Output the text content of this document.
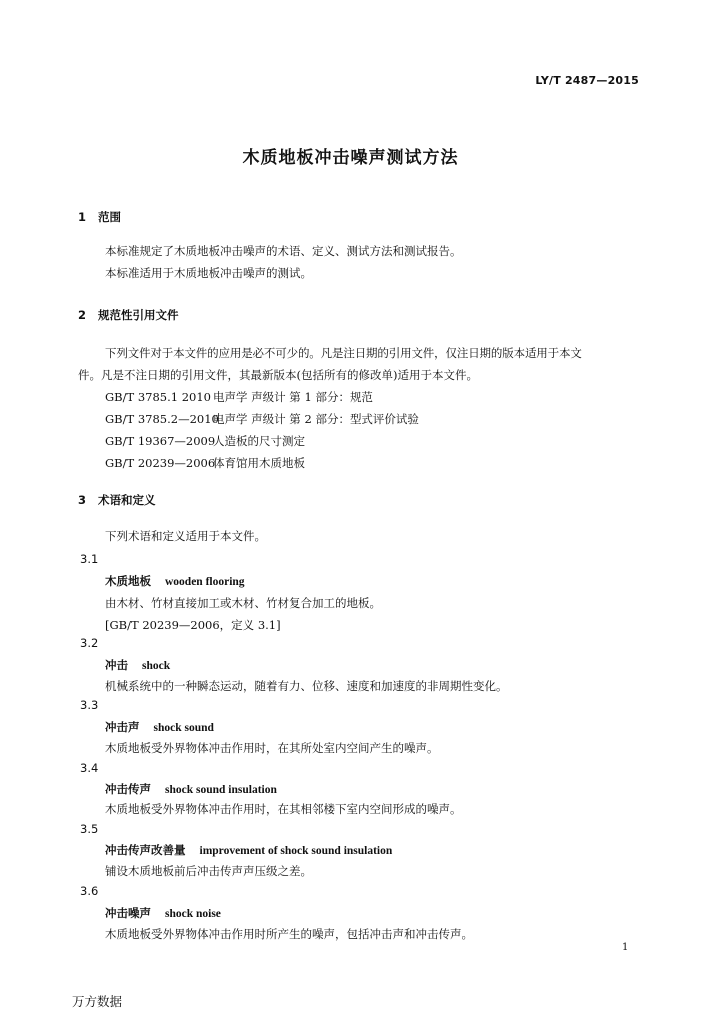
LY/T 2487—2015
木质地板冲击噪声测试方法
1 范围
本标准规定了木质地板冲击噪声的术语、定义、测试方法和测试报告。
本标准适用于木质地板冲击噪声的测试。
2 规范性引用文件
下列文件对于本文件的应用是必不可少的。凡是注日期的引用文件，仅注日期的版本适用于本文
件。凡是不注日期的引用文件，其最新版本(包括所有的修改单)适用于本文件。
GB/T 3785.1 2010 电声学 声级计 第 1 部分：规范
GB/T 3785.2—2010电声学 声级计 第 2 部分：型式评价试验
GB/T 19367—2009人造板的尺寸测定
GB/T 20239—2006体育馆用木质地板
3 术语和定义
下列术语和定义适用于本文件。
3.1
木质地板 wooden flooring
由木材、竹材直接加工或木材、竹材复合加工的地板。
[GB/T 20239—2006，定义 3.1]
3.2
冲击 shock
机械系统中的一种瞬态运动，随着有力、位移、速度和加速度的非周期性变化。
3.3
冲击声 shock sound
木质地板受外界物体冲击作用时，在其所处室内空间产生的噪声。
3.4
冲击传声 shock sound insulation
木质地板受外界物体冲击作用时，在其相邻楼下室内空间形成的噪声。
3.5
冲击传声改善量 improvement of shock sound insulation
铺设木质地板前后冲击传声声压级之差。
3.6
冲击噪声 shock noise
木质地板受外界物体冲击作用时所产生的噪声，包括冲击声和冲击传声。
1
万方数据
